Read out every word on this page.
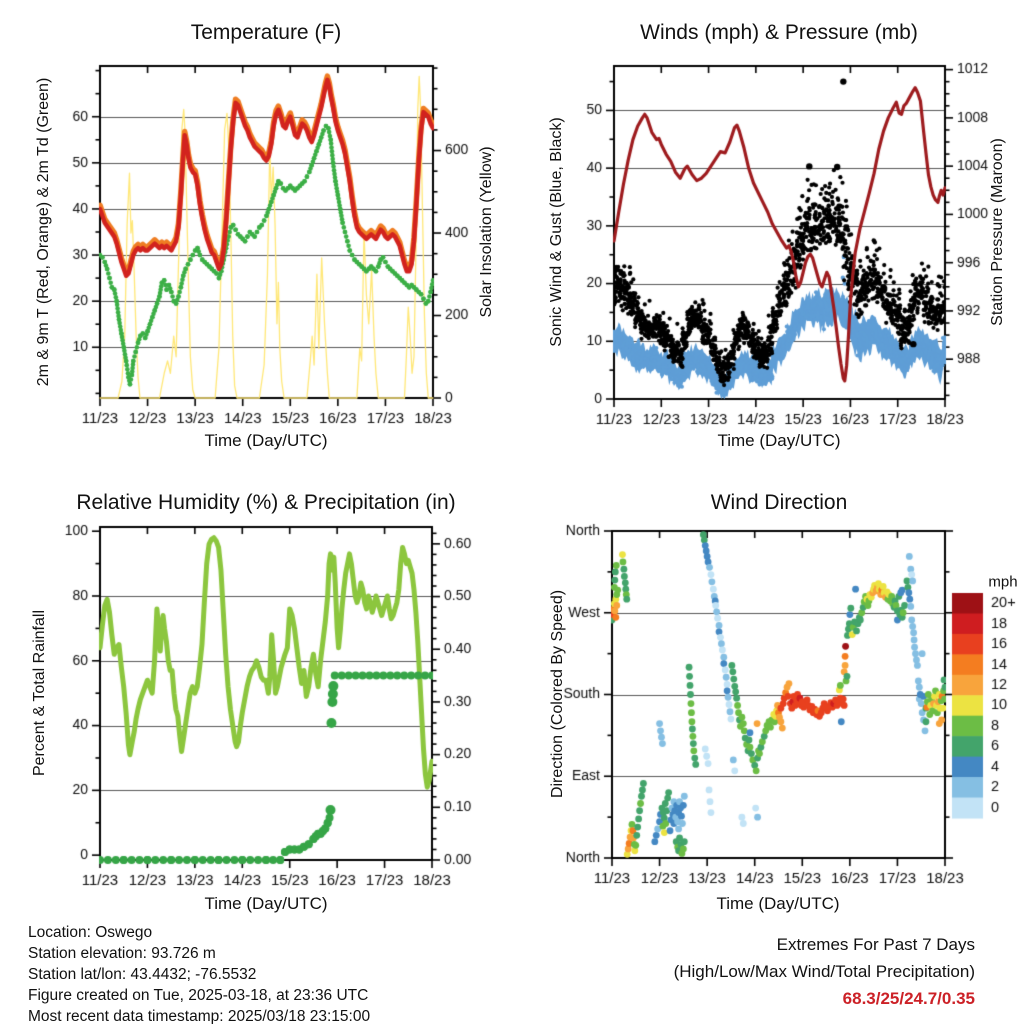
Temperature (F)	Winds (mph) & Pressure (mb)
Relative Humidity (%) & Precipitation (in)	Wind Direction
Time (Day/UTC)	Time (Day/UTC)
Time (Day/UTC)	Time (Day/UTC)
2m & 9m T (Red, Orange) & 2m Td (Green)	Solar Insolation (Yellow)	Sonic Wind & Gust (Blue, Black)	Station Pressure (Maroon)
Percent & Total Rainfall	Direction (Colored By Speed)
mph
Location: Oswego
Station elevation: 93.726 m
Station lat/lon: 43.4432; -76.5532
Figure created on Tue, 2025-03-18, at 23:36 UTC
Most recent data timestamp: 2025/03/18 23:15:00
Extremes For Past 7 Days
(High/Low/Max Wind/Total Precipitation)
68.3/25/24.7/0.35
